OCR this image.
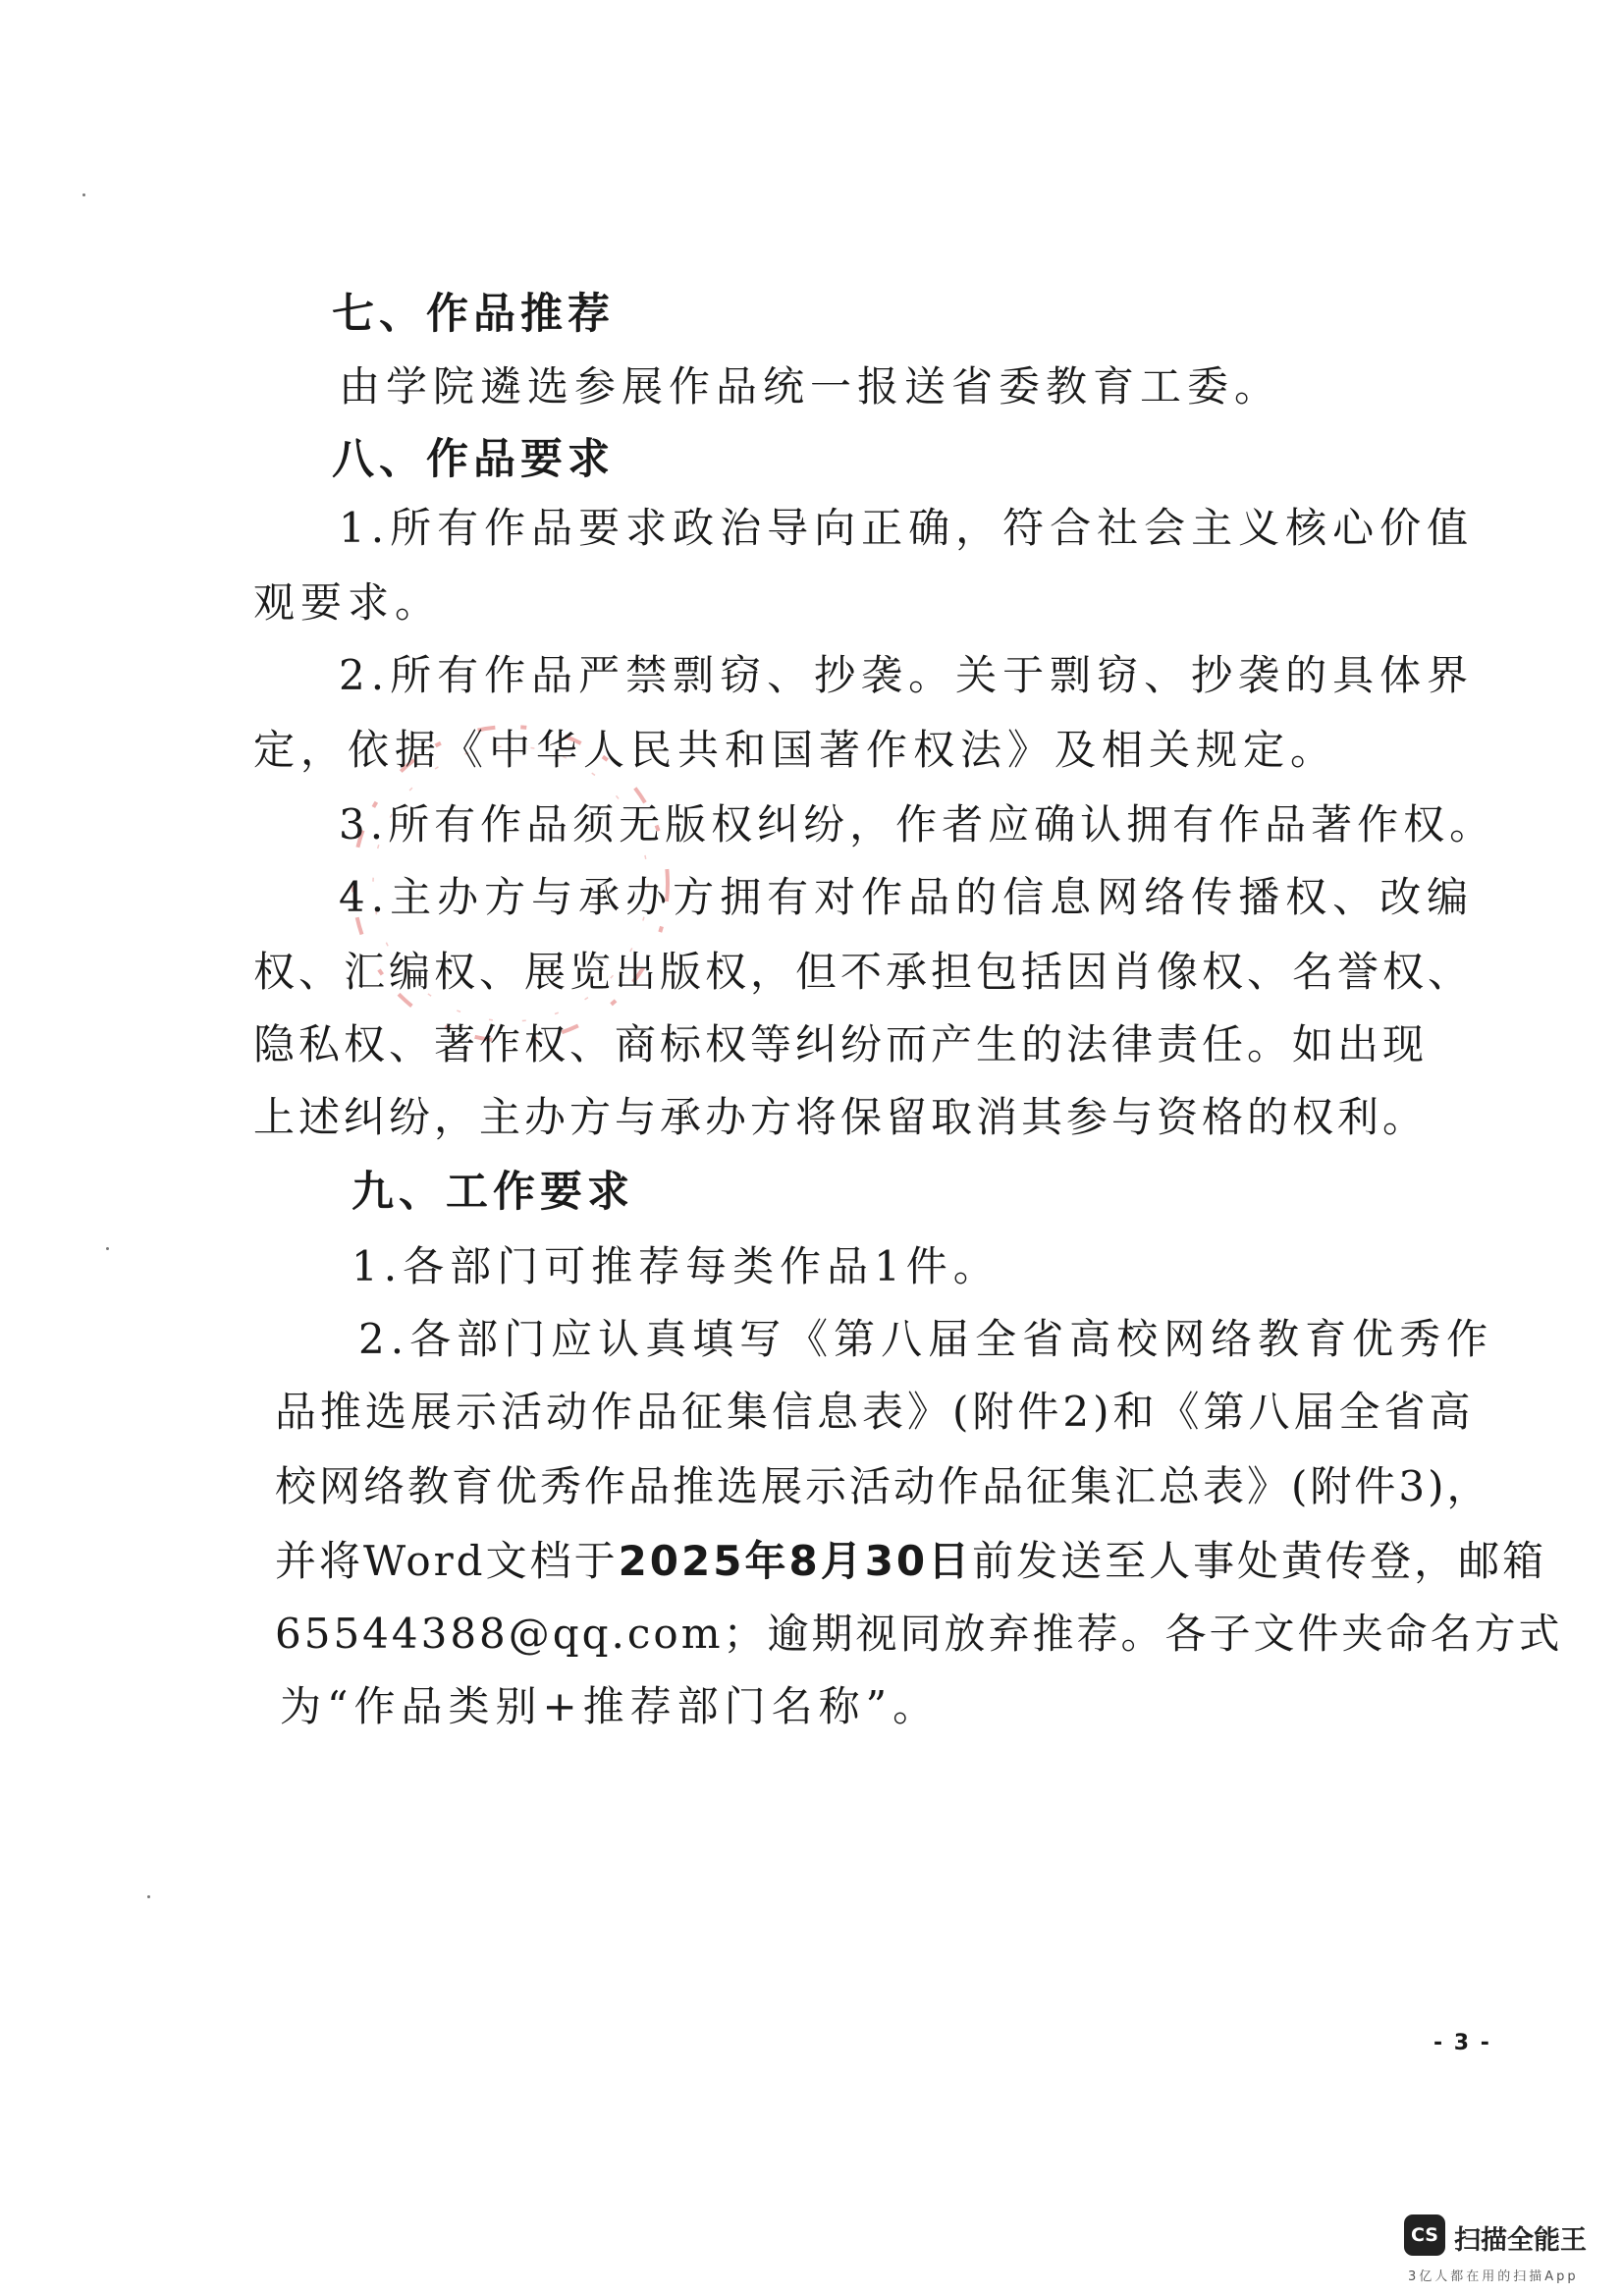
七、作品推荐
由学院遴选参展作品统一报送省委教育工委。
八、作品要求
1.所有作品要求政治导向正确，符合社会主义核心价值
观要求。
2.所有作品严禁剽窃、抄袭。关于剽窃、抄袭的具体界
定，依据《中华人民共和国著作权法》及相关规定。
3.所有作品须无版权纠纷，作者应确认拥有作品著作权。
4.主办方与承办方拥有对作品的信息网络传播权、改编
权、汇编权、展览出版权，但不承担包括因肖像权、名誉权、
隐私权、著作权、商标权等纠纷而产生的法律责任。如出现
上述纠纷，主办方与承办方将保留取消其参与资格的权利。
九、工作要求
1.各部门可推荐每类作品1件。
2.各部门应认真填写《第八届全省高校网络教育优秀作
品推选展示活动作品征集信息表》(附件2)和《第八届全省高
校网络教育优秀作品推选展示活动作品征集汇总表》(附件3)，
并将Word文档于2025年8月30日前发送至人事处黄传登，邮箱
65544388@qq.com；逾期视同放弃推荐。各子文件夹命名方式
为“作品类别+推荐部门名称”。
- 3 -
CS 扫描全能王
3亿人都在用的扫描App
